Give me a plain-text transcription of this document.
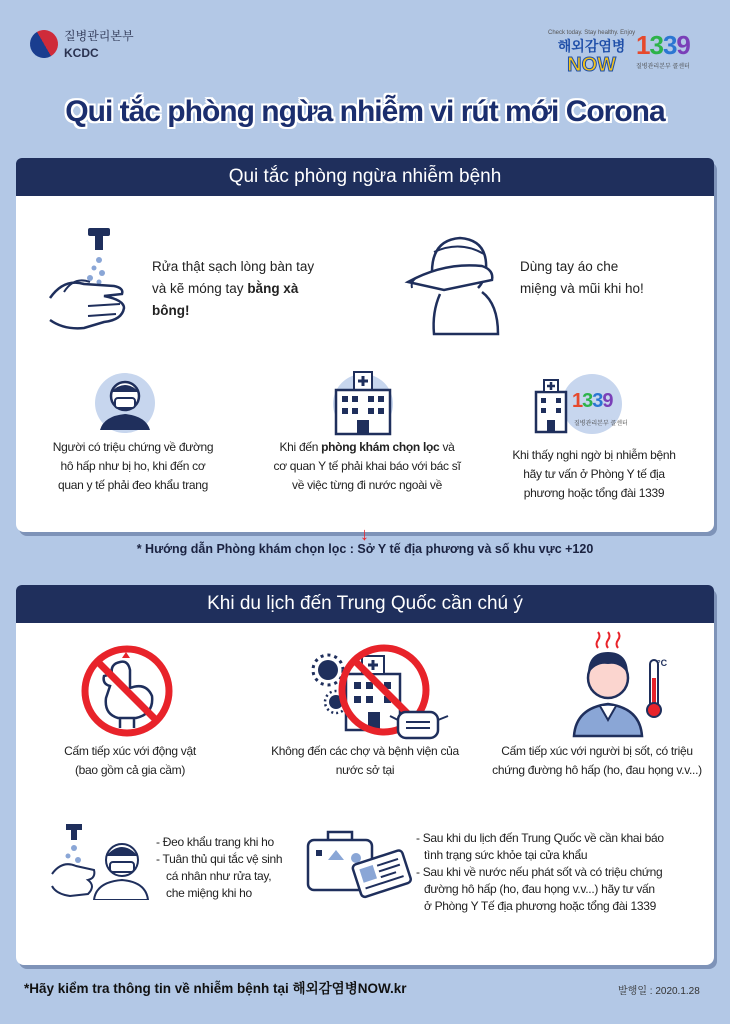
질병관리본부
KCDC
Check today. Stay healthy. Enjoy
해외감염병
NOW
1339
질병관리본부 콜센터
Qui tắc phòng ngừa nhiễm vi rút mới Corona
Qui tắc phòng ngừa nhiễm bệnh
Rửa thật sạch lòng bàn tay
và kẽ móng tay bằng xà
bông!
Dùng tay áo che
miệng và mũi khi ho!
Người có triệu chứng về đường
hô hấp như bị ho, khi đến cơ
quan y tế phải đeo khẩu trang
Khi đến phòng khám chọn lọc và
cơ quan Y tế phải khai báo với bác sĩ
về việc từng đi nước ngoài về
1339
질병관리본부 콜센터
Khi thấy nghi ngờ bị nhiễm bệnh
hãy tư vấn ở Phòng Y tế địa
phương hoặc tổng đài 1339
↓
* Hướng dẫn Phòng khám chọn lọc : Sở Y tế địa phương và số khu vực +120
Khi du lịch đến Trung Quốc cần chú ý
Cấm tiếp xúc với động vật
(bao gồm cả gia cầm)
Không đến các chợ và bệnh viện của
nước sở tại
°C
Cấm tiếp xúc với người bị sốt, có triệu
chứng đường hô hấp (ho, đau họng v.v...)
- Đeo khẩu trang khi ho
- Tuân thủ qui tắc vệ sinh
cá nhân như rửa tay,
che miệng khi ho
- Sau khi du lịch đến Trung Quốc về cần khai báo
tình trạng sức khỏe tại cửa khẩu
- Sau khi về nước nếu phát sốt và có triệu chứng
đường hô hấp (ho, đau họng v.v...) hãy tư vấn
ở Phòng Y Tế địa phương hoặc tổng đài 1339
*Hãy kiểm tra thông tin về nhiễm bệnh tại 해외감염병NOW.kr	발행일 : 2020.1.28
